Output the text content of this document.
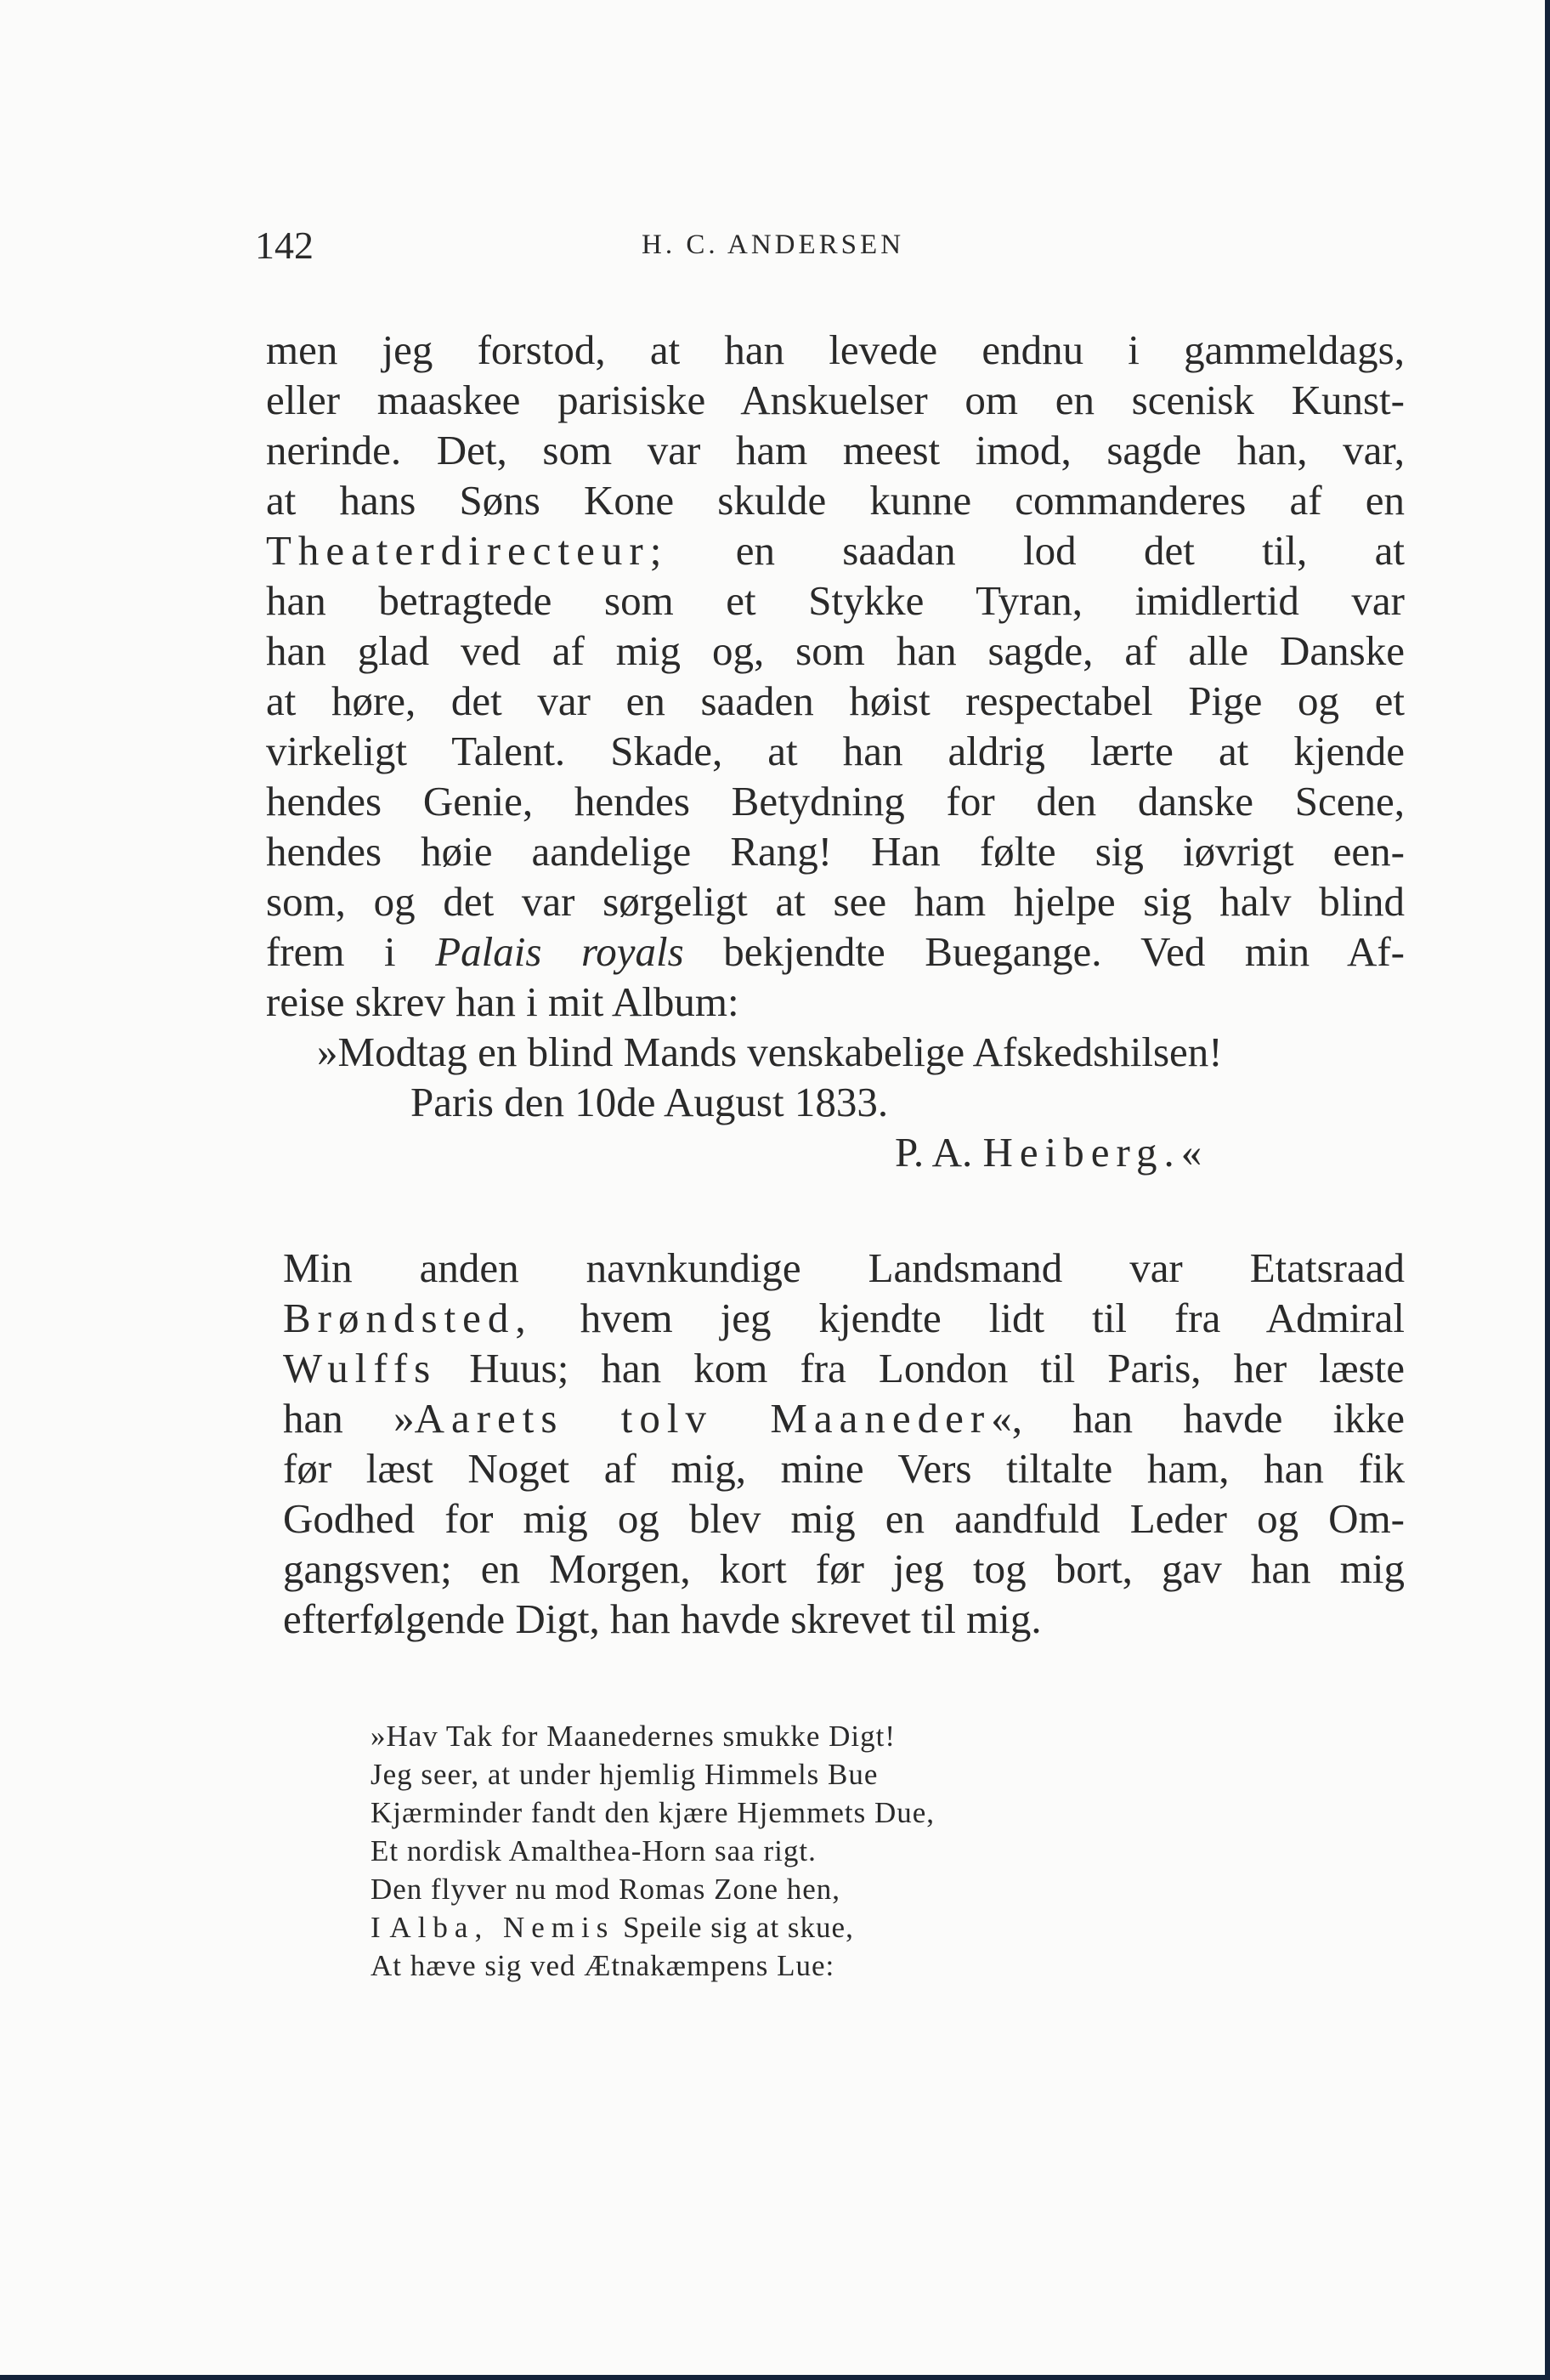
142	H. C. ANDERSEN
men jeg forstod, at han levede endnu i gammeldags,
eller maaskee parisiske Anskuelser om en scenisk Kunst-
nerinde. Det, som var ham meest imod, sagde han, var,
at hans Søns Kone skulde kunne commanderes af en
Theaterdirecteur; en saadan lod det til, at
han betragtede som et Stykke Tyran, imidlertid var
han glad ved af mig og, som han sagde, af alle Danske
at høre, det var en saaden høist respectabel Pige og et
virkeligt Talent. Skade, at han aldrig lærte at kjende
hendes Genie, hendes Betydning for den danske Scene,
hendes høie aandelige Rang! Han følte sig iøvrigt een-
som, og det var sørgeligt at see ham hjelpe sig halv blind
frem i Palais royals bekjendte Buegange. Ved min Af-
reise skrev han i mit Album:
»Modtag en blind Mands venskabelige Afskedshilsen!
Paris den 10de August 1833.
P. A. Heiberg.«
Min anden navnkundige Landsmand var Etatsraad
Brøndsted, hvem jeg kjendte lidt til fra Admiral
Wulffs Huus; han kom fra London til Paris, her læste
han »Aarets tolv Maaneder«, han havde ikke
før læst Noget af mig, mine Vers tiltalte ham, han fik
Godhed for mig og blev mig en aandfuld Leder og Om-
gangsven; en Morgen, kort før jeg tog bort, gav han mig
efterfølgende Digt, han havde skrevet til mig.
»Hav Tak for Maanedernes smukke Digt!
Jeg seer, at under hjemlig Himmels Bue
Kjærminder fandt den kjære Hjemmets Due,
Et nordisk Amalthea-Horn saa rigt.
Den flyver nu mod Romas Zone hen,
I Alba, Nemis Speile sig at skue,
At hæve sig ved Ætnakæmpens Lue:
